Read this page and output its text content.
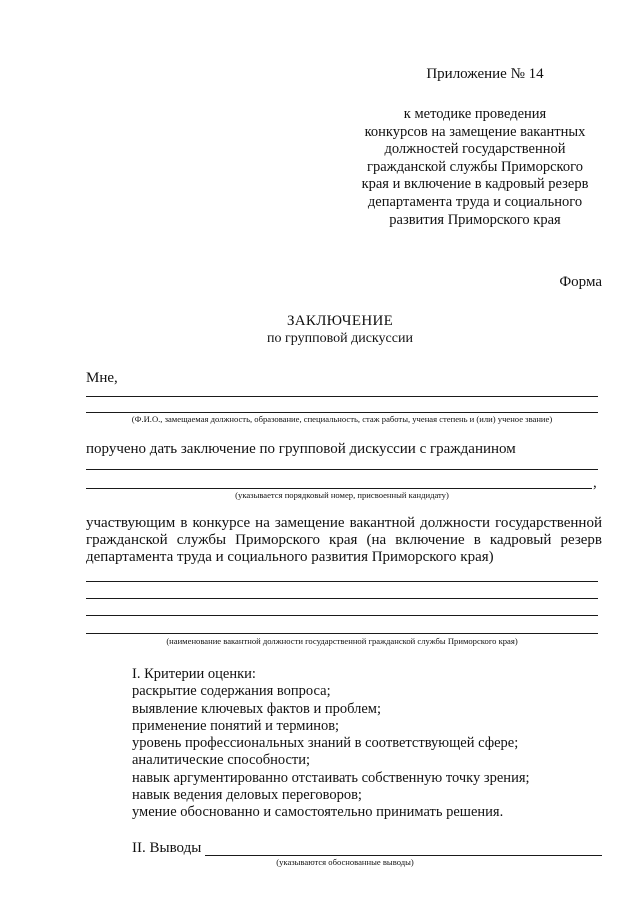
Приложение № 14
к методике проведения
конкурсов на замещение вакантных
должностей государственной
гражданской службы Приморского
края и включение в кадровый резерв
департамента труда и социального
развития Приморского края
Форма
ЗАКЛЮЧЕНИЕ
по групповой дискуссии
Мне,
(Ф.И.О., замещаемая должность, образование, специальность, стаж работы, ученая степень и (или) ученое звание)
поручено дать заключение по групповой дискуссии с гражданином
,
(указывается порядковый номер, присвоенный кандидату)
участвующим в конкурсе на замещение вакантной должности государственной
гражданской службы Приморского края (на включение в кадровый резерв
департамента труда и социального развития Приморского края)
(наименование вакантной должности государственной гражданской службы Приморского края)
I. Критерии оценки:
раскрытие содержания вопроса;
выявление ключевых фактов и проблем;
применение понятий и терминов;
уровень профессиональных знаний в соответствующей сфере;
аналитические способности;
навык аргументированно отстаивать собственную точку зрения;
навык ведения деловых переговоров;
умение обоснованно и самостоятельно принимать решения.
II. Выводы
(указываются обоснованные выводы)
